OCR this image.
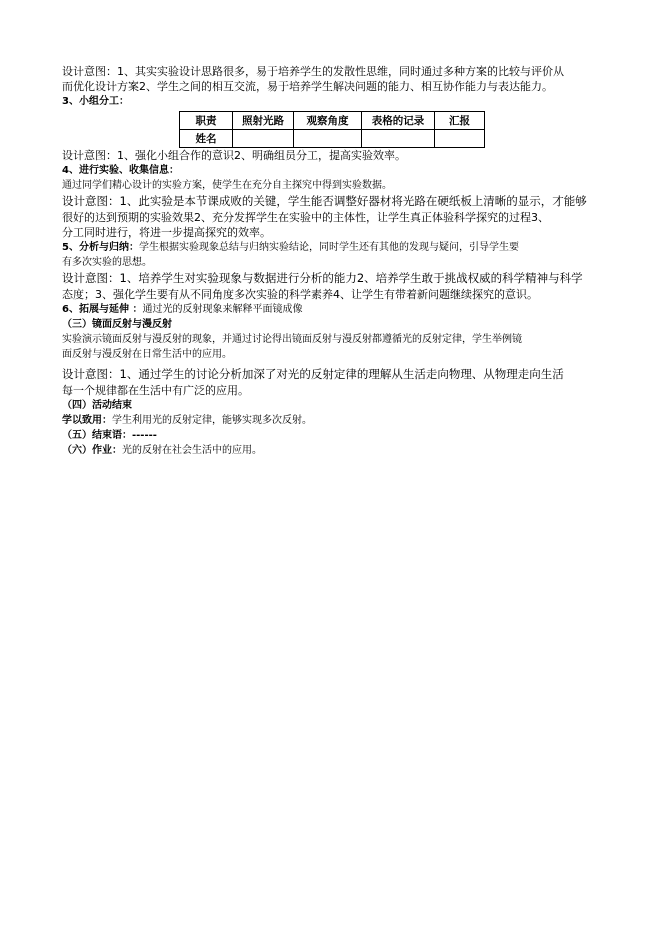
设计意图：1、其实实验设计思路很多，易于培养学生的发散性思维，同时通过多种方案的比较与评价从

而优化设计方案2、学生之间的相互交流，易于培养学生解决问题的能力、相互协作能力与表达能力。

3、小组分工：

职责	照射光路	观察角度	表格的记录	汇报
姓名				

设计意图：1、强化小组合作的意识2、明确组员分工，提高实验效率。

4、进行实验、收集信息：

通过同学们精心设计的实验方案，使学生在充分自主探究中得到实验数据。

设计意图：1、此实验是本节课成败的关键，学生能否调整好器材将光路在硬纸板上清晰的显示，才能够

很好的达到预期的实验效果2、充分发挥学生在实验中的主体性，让学生真正体验科学探究的过程3、

分工同时进行，将进一步提高探究的效率。

5、分析与归纳：学生根据实验现象总结与归纳实验结论，同时学生还有其他的发现与疑问，引导学生要

有多次实验的思想。

设计意图：1、培养学生对实验现象与数据进行分析的能力2、培养学生敢于挑战权威的科学精神与科学

态度；3、强化学生要有从不同角度多次实验的科学素养4、让学生有带着新问题继续探究的意识。

6、拓展与延伸 ：通过光的反射现象来解释平面镜成像

（三）镜面反射与漫反射

实验演示镜面反射与漫反射的现象，并通过讨论得出镜面反射与漫反射都遵循光的反射定律，学生举例镜

面反射与漫反射在日常生活中的应用。

设计意图：1、通过学生的讨论分析加深了对光的反射定律的理解从生活走向物理、从物理走向生活

每一个规律都在生活中有广泛的应用。

（四）活动结束

学以致用：学生利用光的反射定律，能够实现多次反射。

（五）结束语：------

（六）作业：光的反射在社会生活中的应用。
